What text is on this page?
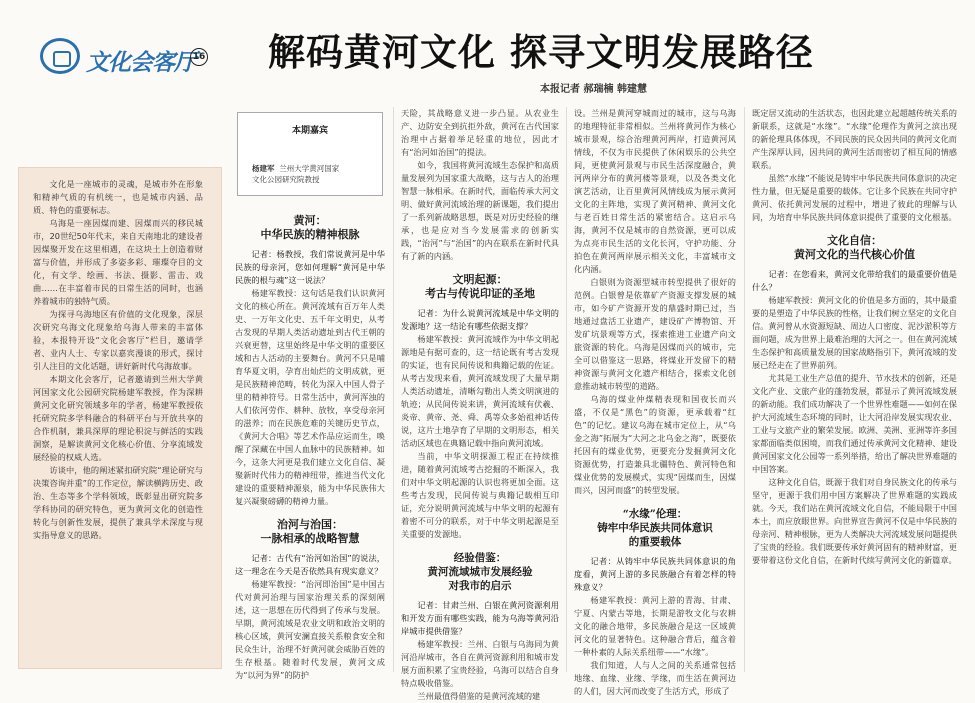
文化会客厅
16 解码黄河文化 探寻文明发展路径
本报记者 郝瑞楠 韩建慧

文化是一座城市的灵魂，是城市外在形象和精神气质的有机统一，也是城市内涵、品质、特色的重要标志。

乌海是一座因煤而建、因煤而兴的移民城市，20世纪50年代末，来自天南地北的建设者因煤聚开发在这里相遇，在这块土上创造着财富与价值，并形成了多姿多彩、璀璨夺目的文化，有文学、绘画、书法、摄影、雷击、戏曲……在丰富着市民的日常生活的同时，也涵养着城市的独特气质。

为探寻乌海地区有价值的文化现象，深层次研究乌海文化现象给乌海人带来的丰富体验，本报特开设“文化会客厅”栏目，邀请学者、业内人士、专家以嘉宾漫谈的形式，探讨引人注目的文化话题，讲好新时代乌海故事。

本期文化会客厅，记者邀请到兰州大学黄河国家文化公园研究院杨建军教授，作为深耕黄河文化研究领域多年的学者，杨建军教授依托研究院多学科融合的科研平台与开放共享的合作机制，兼具深厚的理论积淀与鲜活的实践洞察，是解读黄河文化核心价值、分享流域发展经验的权威人选。

访谈中，他的阐述紧扣研究院“理论研究与决策咨询并重”的工作定位，解读横跨历史、政治、生态等多个学科领域，既彰显出研究院多学科协同的研究特色，更为黄河文化的创造性转化与创新性发展，提供了兼具学术深度与现实指导意义的思路。

本期嘉宾
杨建军 兰州大学黄河国家
文化公园研究院教授
黄河：
中华民族的精神根脉

记者：杨教授，我们常说黄河是中华民族的母亲河，您如何理解“黄河是中华民族的根与魂”这一说法？

杨建军教授：这句话是我们认识黄河文化的核心所在。黄河流域有百万年人类史、一万年文化史、五千年文明史，从考古发现的早期人类活动遗址到古代王朝的兴衰更替，这里始终是中华文明的重要区域和古人活动的主要舞台。黄河不只是哺育华夏文明，孕育出灿烂的文明成就，更是民族精神范畴，转化为深入中国人骨子里的精神符号。日常生活中，黄河浑浊的人们依河劳作、耕种、放牧，享受母亲河的滋养；而在民族危难的关键历史节点，《黄河大合唱》等艺术作品应运而生，唤醒了深藏在中国人血脉中的民族精神。如今，这条大河更是我们建立文化自信、凝聚新时代伟力的精神纽带，推进当代文化建设的重要精神源泉，能为中华民族伟大复兴凝聚磅礴的精神力量。

治河与治国：
一脉相承的战略智慧

记者：古代有“治河如治国”的说法，这一理念在今天是否依然具有现实意义？

杨建军教授：“治河即治国”是中国古代对黄河治理与国家治理关系的深刻阐述，这一思想在历代得到了传承与发展。早期，黄河流域是农业文明和政治文明的核心区域，黄河安澜直接关系粮食安全和民众生计，治理不好黄河就会威胁百姓的生存根基。随着时代发展，黄河文成为“以河为界”的防护

天险，其战略意义进一步凸显。从农业生产、边防安全到抗拒外敌，黄河在古代国家治理中占据着举足轻重的地位，因此才有“治河如治国”的提法。

如今，我国将黄河流域生态保护和高质量发展列为国家重大战略，这与古人的治理智慧一脉相承。在新时代，面临传承大河文明、做好黄河流域治理的新课题，我们提出了一系列新战略思想，既是对历史经验的继承，也是应对当今发展需求的创新实践，“治河”与“治国”的内在联系在新时代具有了新的内涵。

文明起源：
考古与传说印证的圣地

记者：为什么说黄河流域是中华文明的发源地？这一结论有哪些依据支撑？

杨建军教授：黄河流域作为中华文明起源地是有据可查的，这一结论既有考古发现的实证，也有民间传说和典籍记载的佐证。从考古发现来看，黄河流域发现了大量早期人类活动遗址，清晰勾勒出人类文明演进的轨迹；从民间传说来讲，黄河流域有伏羲、炎帝、黄帝、尧、舜、禹等众多始祖神话传说，这片土地孕育了早期的文明形态，相关活动区域也在典籍记载中指向黄河流域。

当前，中华文明探源工程正在持续推进，随着黄河流域考古挖掘的不断深入，我们对中华文明起源的认识也将更加全面。这些考古发现，民间传说与典籍记载相互印证，充分说明黄河流域与中华文明的起源有着密不可分的联系，对于中华文明起源是至关重要的发源地。

经验借鉴：
黄河流域城市发展经验
对我市的启示

记者：甘肃兰州、白银在黄河资源利用和开发方面有哪些实践，能为乌海等黄河沿岸城市提供借鉴？

杨建军教授：兰州、白银与乌海同为黄河沿岸城市，各自在黄河资源利用和城市发展方面积累了宝贵经验，乌海可以结合自身特点吸收借鉴。

兰州最值得借鉴的是黄河流域的建

设。兰州是黄河穿城而过的城市，这与乌海的地理特征非常相似。兰州将黄河作为核心城市景观，综合治理黄河两岸，打造黄河风情线，不仅为市民提供了休闲娱乐的公共空间，更使黄河景观与市民生活深度融合，黄河两岸分布的黄河楼等景观，以及各类文化演艺活动，让百里黄河风情线成为展示黄河文化的主阵地，实现了黄河精神、黄河文化与老百姓日常生活的紧密结合。这启示乌海，黄河不仅是城市的自然资源，更可以成为点亮市民生活的文化长河，守护功能、分拍色在黄河两岸展示相关文化，丰富城市文化内涵。

白银则为资源型城市转型提供了很好的范例。白银曾是依靠矿产资源支撑发展的城市，如今矿产资源开发的鼎盛时期已过，当地通过盘活工业遗产，建设矿产博物馆、开发矿坑景观等方式，探索推进工业遗产向文旅资源的转化。乌海是因煤而兴的城市，完全可以借鉴这一思路，将煤业开发留下的精神资源与黄河文化遗产相结合，探索文化创意推动城市转型的道路。

乌海的煤业仲煤精表现和国夜长而兴盛，不仅是“黑色”的资源，更承载着“红色”的记忆。建议乌海在城市定位上，从“乌金之海”拓展为“大河之北乌金之海”，既要依托因有的煤业优势，更要充分发掘黄河文化资源优势，打造兼具北疆特色、黄河特色和煤业优势的发展模式，实现“因煤而生，因煤而兴，因河而盛”的转型发展。

“水缘”伦理：
铸牢中华民族共同体意识
的重要载体

记者：从铸牢中华民族共同体意识的角度看，黄河上游的多民族融合有着怎样的特殊意义？

杨建军教授：黄河上游的青海、甘肃、宁夏、内蒙古等地，长期是游牧文化与农耕文化的融合地带，多民族融合是这一区域黄河文化的显著特色。这种融合背后，蕴含着一种朴素的人际关系纽带——“水缘”。

我们知道，人与人之间的关系通常包括地缘、血缘、业缘、学缘，而生活在黄河边的人们，因大河而改变了生活方式，形成了

既定居又流动的生活状态，也因此建立起超越传统关系的新联系，这就是“水缘”。“水缘”伦理作为黄河之滨出现的新伦理具体体现，不同民族的民众因共同的黄河文化而产生深厚认同，因共同的黄河生活而密切了相互间的情感联系。

虽然“水缘”不能说是铸牢中华民族共同体意识的决定性力量，但无疑是重要的载体。它让多个民族在共同守护黄河、依托黄河发展的过程中，增进了彼此的理解与认同，为培育中华民族共同体意识提供了重要的文化根基。

文化自信：
黄河文化的当代核心价值

记者：在您看来，黄河文化带给我们的最重要价值是什么？

杨建军教授：黄河文化的价值是多方面的，其中最重要的是塑造了中华民族的性格，让我们树立坚定的文化自信。黄河曾从水资源短缺、周边人口密度、泥沙淤积等方面问题，成为世界上最难治理的大河之一。但在黄河流域生态保护和高质量发展的国家战略指引下，黄河流域的发展已经走在了世界前列。

尤其是工业生产总值的提升、节水技术的创新，还是文化产业、文旅产业的蓬勃发展，都显示了黄河流域发展的新动能。我们成功解决了一个世界性难题——如何在保护大河流域生态环境的同时，让大河沿岸发展实现农业、工业与文旅产业的繁荣发展。欧洲、美洲、亚洲等许多国家都面临类似困境，而我们通过传承黄河文化精神、建设黄河国家文化公园等一系列举措，给出了解决世界难题的中国答案。

这种文化自信，既源于我们对自身民族文化的传承与坚守，更源于我们用中国方案解决了世界难题的实践成就。今天，我们站在黄河流域文化自信，不能局限于中国本土，而应放眼世界。向世界宣告黄河不仅是中华民族的母亲河、精神根脉，更为人类解决大河流域发展问题提供了宝贵的经验。我们既要传承好黄河固有的精神财富，更要带着这份文化自信，在新时代续写黄河文化的新篇章。
